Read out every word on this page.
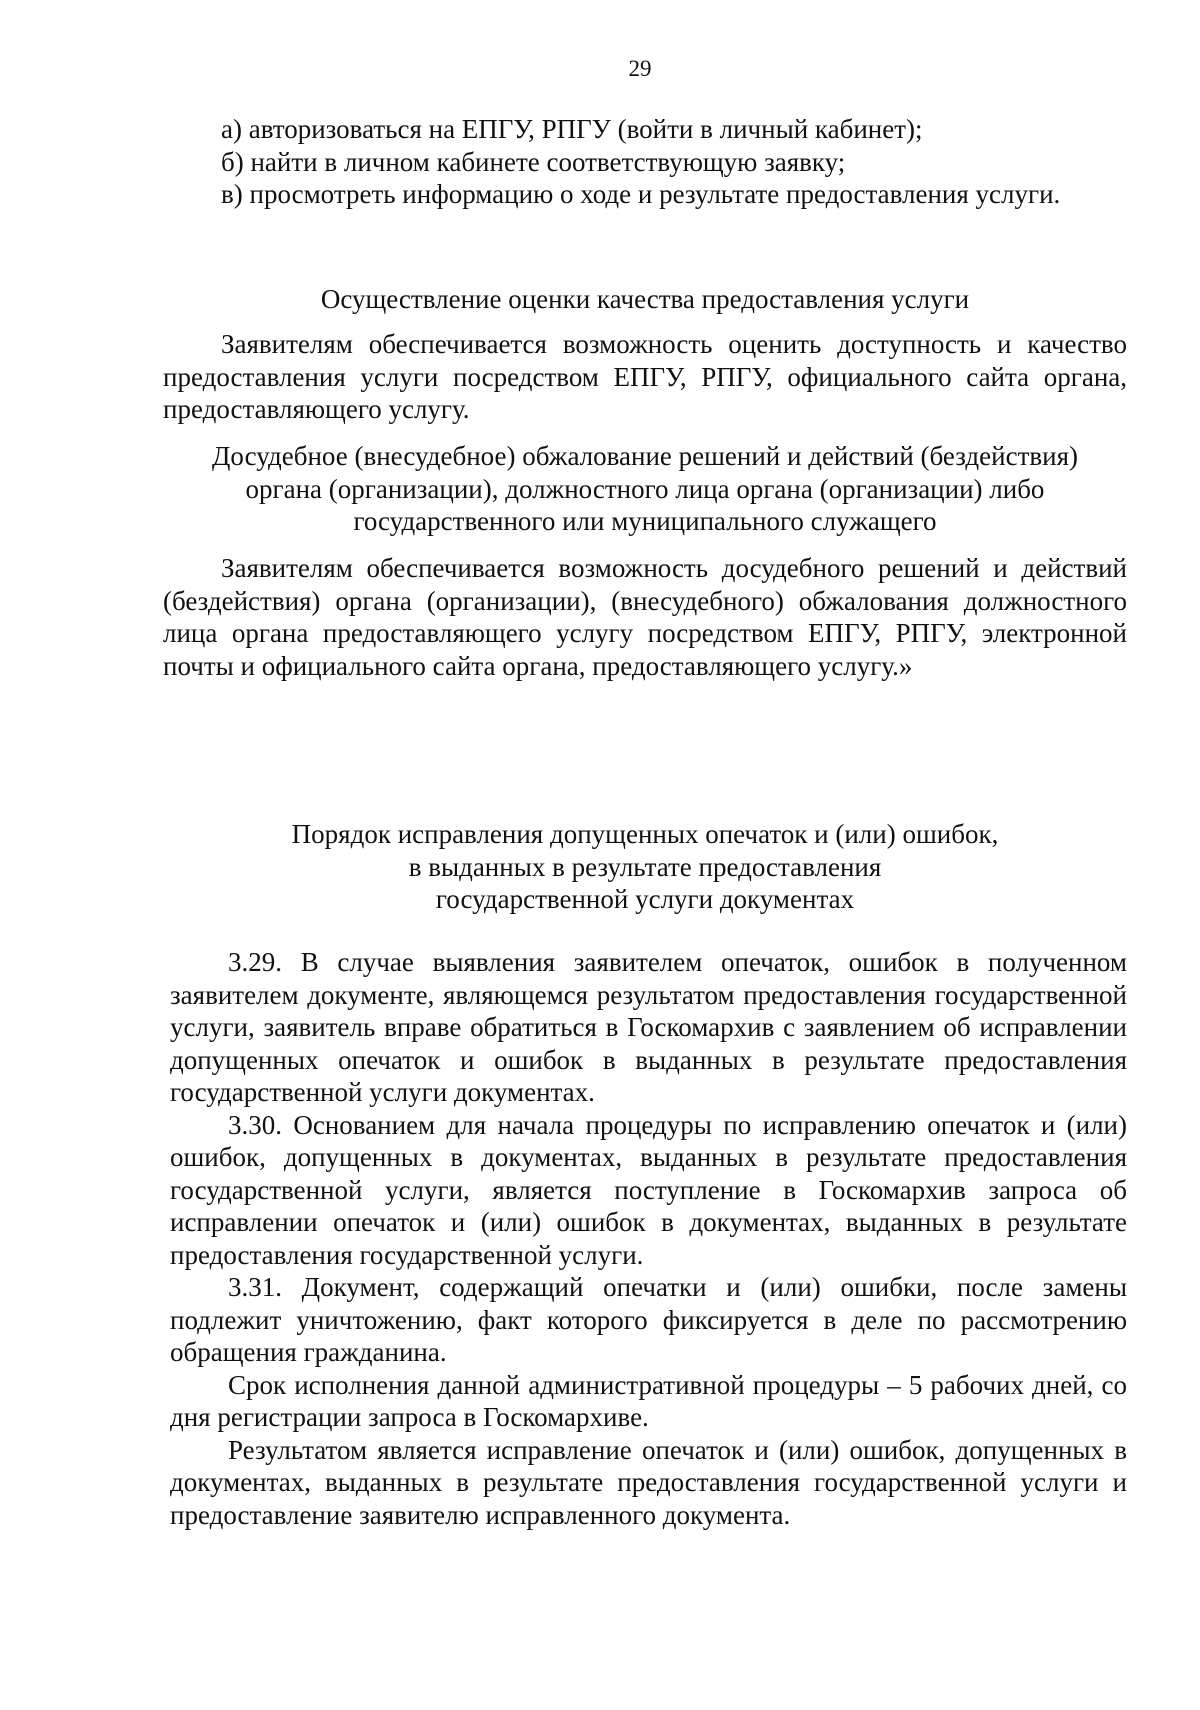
29
а) авторизоваться на ЕПГУ, РПГУ (войти в личный кабинет);
б) найти в личном кабинете соответствующую заявку;
в) просмотреть информацию о ходе и результате предоставления услуги.
Осуществление оценки качества предоставления услуги
Заявителям обеспечивается возможность оценить доступность и качество предоставления услуги посредством ЕПГУ, РПГУ, официального сайта органа, предоставляющего услугу.
Досудебное (внесудебное) обжалование решений и действий (бездействия)
органа (организации), должностного лица органа (организации) либо
государственного или муниципального служащего
Заявителям обеспечивается возможность досудебного решений и действий (бездействия) органа (организации), (внесудебного) обжалования должностного лица органа предоставляющего услугу посредством ЕПГУ, РПГУ, электронной почты и официального сайта органа, предоставляющего услугу.»
Порядок исправления допущенных опечаток и (или) ошибок,
в выданных в результате предоставления
государственной услуги документах
3.29. В случае выявления заявителем опечаток, ошибок в полученном заявителем документе, являющемся результатом предоставления государственной услуги, заявитель вправе обратиться в Госкомархив с заявлением об исправлении допущенных опечаток и ошибок в выданных в результате предоставления государственной услуги документах.
3.30. Основанием для начала процедуры по исправлению опечаток и (или) ошибок, допущенных в документах, выданных в результате предоставления государственной услуги, является поступление в Госкомархив запроса об исправлении опечаток и (или) ошибок в документах, выданных в результате предоставления государственной услуги.
3.31. Документ, содержащий опечатки и (или) ошибки, после замены подлежит уничтожению, факт которого фиксируется в деле по рассмотрению обращения гражданина.
Срок исполнения данной административной процедуры – 5 рабочих дней, со дня регистрации запроса в Госкомархиве.
Результатом является исправление опечаток и (или) ошибок, допущенных в документах, выданных в результате предоставления государственной услуги и предоставление заявителю исправленного документа.
